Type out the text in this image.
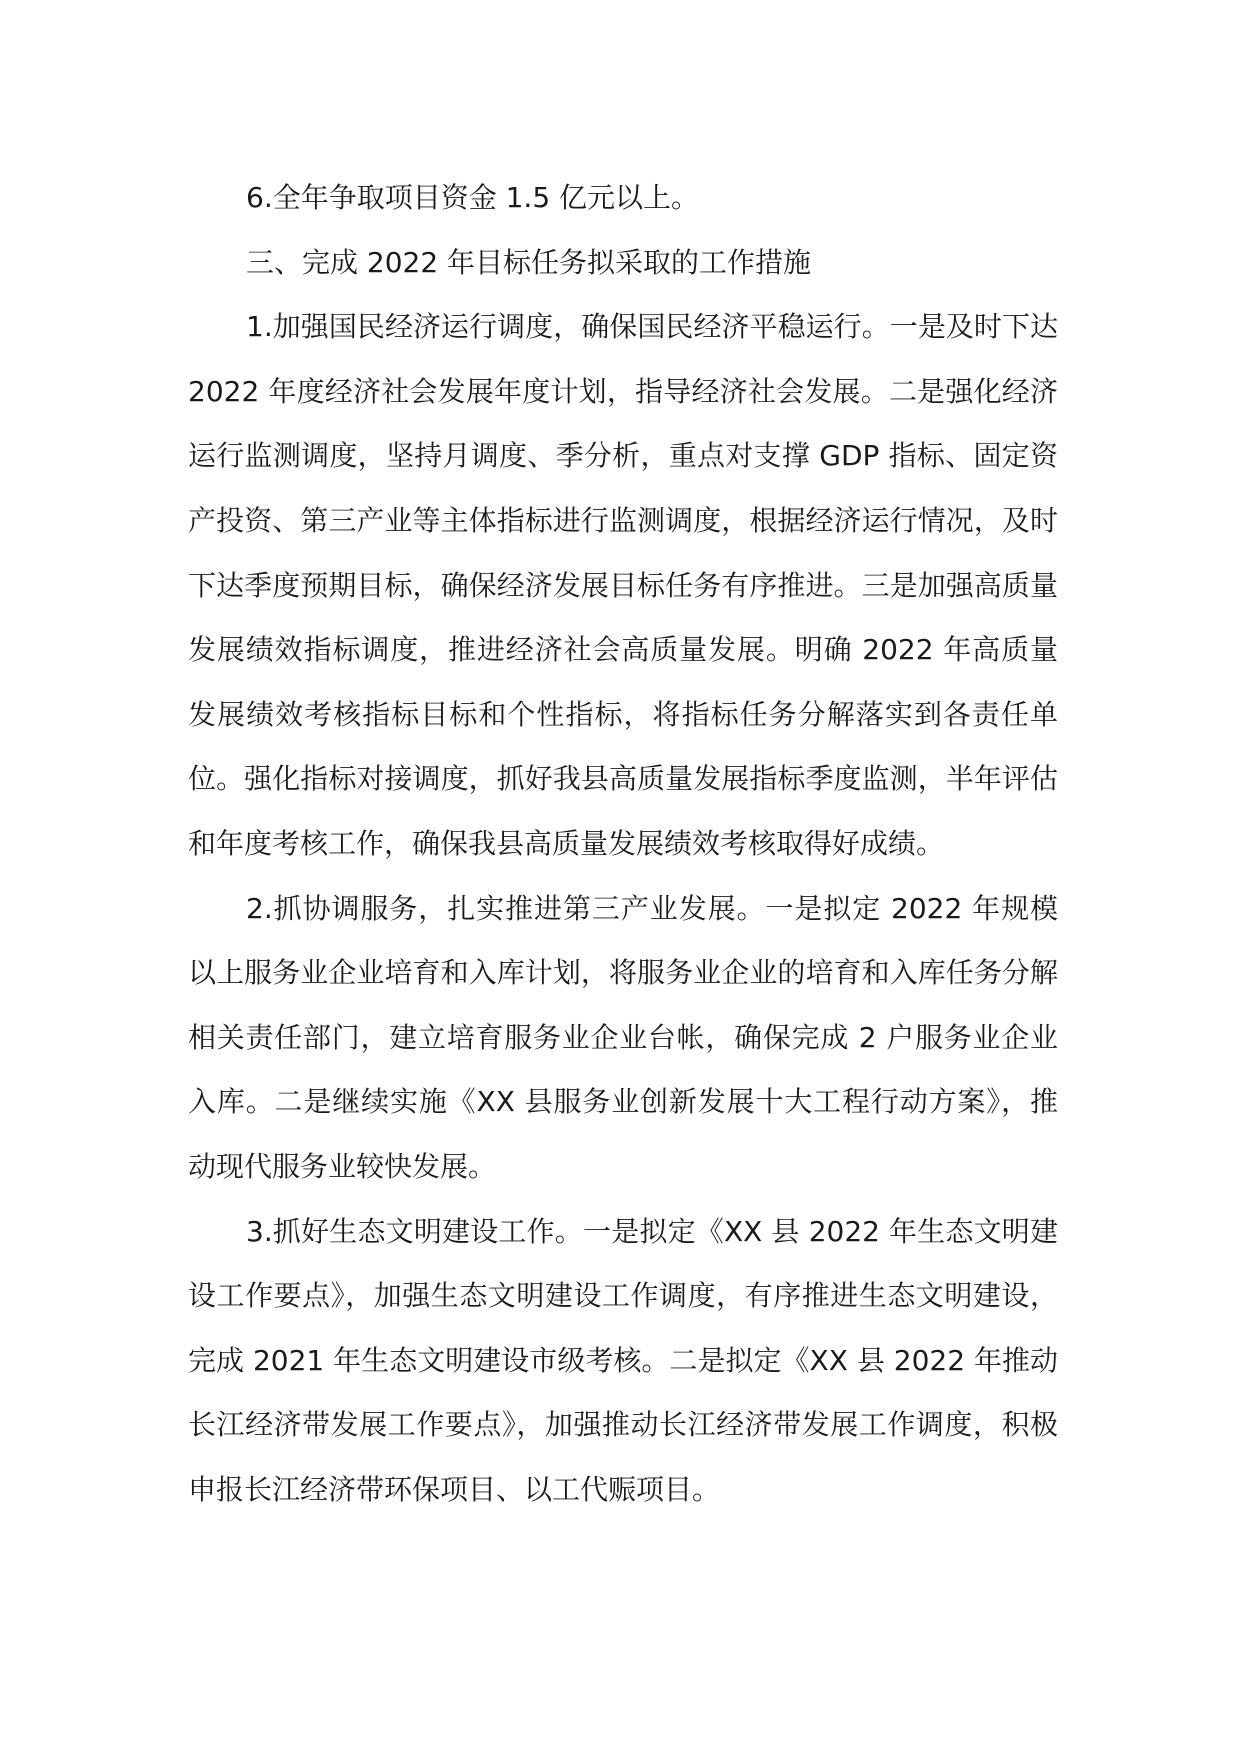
6.全年争取项目资金 1.5 亿元以上。

三、完成 2022 年目标任务拟采取的工作措施

1.加强国民经济运行调度，确保国民经济平稳运行。一是及时下达 2022 年度经济社会发展年度计划，指导经济社会发展。二是强化经济运行监测调度，坚持月调度、季分析，重点对支撑 GDP 指标、固定资产投资、第三产业等主体指标进行监测调度，根据经济运行情况，及时下达季度预期目标，确保经济发展目标任务有序推进。三是加强高质量发展绩效指标调度，推进经济社会高质量发展。明确 2022 年高质量发展绩效考核指标目标和个性指标，将指标任务分解落实到各责任单位。强化指标对接调度，抓好我县高质量发展指标季度监测，半年评估和年度考核工作，确保我县高质量发展绩效考核取得好成绩。

2.抓协调服务，扎实推进第三产业发展。一是拟定 2022 年规模以上服务业企业培育和入库计划，将服务业企业的培育和入库任务分解相关责任部门，建立培育服务业企业台帐，确保完成 2 户服务业企业入库。二是继续实施《XX 县服务业创新发展十大工程行动方案》，推动现代服务业较快发展。

3.抓好生态文明建设工作。一是拟定《XX 县 2022 年生态文明建设工作要点》，加强生态文明建设工作调度，有序推进生态文明建设，完成 2021 年生态文明建设市级考核。二是拟定《XX 县 2022 年推动长江经济带发展工作要点》，加强推动长江经济带发展工作调度，积极申报长江经济带环保项目、以工代赈项目。
